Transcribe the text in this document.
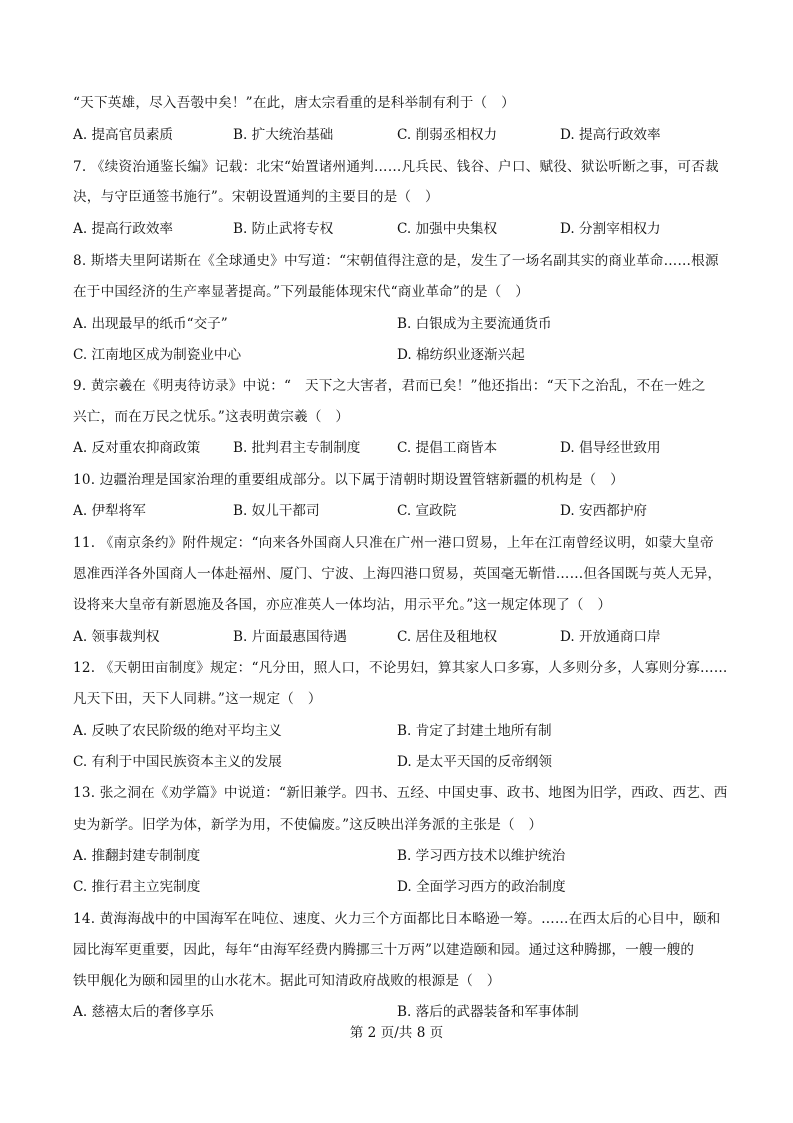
“天下英雄，尽入吾彀中矣！”在此，唐太宗看重的是科举制有利于（　）
A. 提高官员素质	B. 扩大统治基础	C. 削弱丞相权力	D. 提高行政效率
7. 《续资治通鉴长编》记载：北宋“始置诸州通判……凡兵民、钱谷、户口、赋役、狱讼听断之事，可否裁
决，与守臣通签书施行”。宋朝设置通判的主要目的是（　）
A. 提高行政效率	B. 防止武将专权	C. 加强中央集权	D. 分割宰相权力
8. 斯塔夫里阿诺斯在《全球通史》中写道：“宋朝值得注意的是，发生了一场名副其实的商业革命……根源
在于中国经济的生产率显著提高。”下列最能体现宋代“商业革命”的是（　）
A. 出现最早的纸币“交子”	B. 白银成为主要流通货币
C. 江南地区成为制瓷业中心	D. 棉纺织业逐渐兴起
9. 黄宗羲在《明夷待访录》中说：“　天下之大害者，君而已矣！”他还指出：“天下之治乱，不在一姓之
兴亡，而在万民之忧乐。”这表明黄宗羲（　）
A. 反对重农抑商政策 B. 批判君主专制制度	C. 提倡工商皆本	D. 倡导经世致用
10. 边疆治理是国家治理的重要组成部分。以下属于清朝时期设置管辖新疆的机构是（　）
A. 伊犁将军	B. 奴儿干都司	C. 宣政院	D. 安西都护府
11. 《南京条约》附件规定：“向来各外国商人只准在广州一港口贸易，上年在江南曾经议明，如蒙大皇帝
恩准西洋各外国商人一体赴福州、厦门、宁波、上海四港口贸易，英国毫无靳惜……但各国既与英人无异，
设将来大皇帝有新恩施及各国，亦应准英人一体均沾，用示平允。”这一规定体现了（　）
A. 领事裁判权	B. 片面最惠国待遇	C. 居住及租地权	D. 开放通商口岸
12. 《天朝田亩制度》规定：“凡分田，照人口，不论男妇，算其家人口多寡，人多则分多，人寡则分寡……
凡天下田，天下人同耕。”这一规定（　）
A. 反映了农民阶级的绝对平均主义	B. 肯定了封建土地所有制
C. 有利于中国民族资本主义的发展	D. 是太平天国的反帝纲领
13. 张之洞在《劝学篇》中说道：“新旧兼学。四书、五经、中国史事、政书、地图为旧学，西政、西艺、西
史为新学。旧学为体，新学为用，不使偏废。”这反映出洋务派的主张是（　）
A. 推翻封建专制制度	B. 学习西方技术以维护统治
C. 推行君主立宪制度	D. 全面学习西方的政治制度
14. 黄海海战中的中国海军在吨位、速度、火力三个方面都比日本略逊一筹。……在西太后的心目中，颐和
园比海军更重要，因此，每年“由海军经费内腾挪三十万两”以建造颐和园。通过这种腾挪，一艘一艘的
铁甲舰化为颐和园里的山水花木。据此可知清政府战败的根源是（　）
A. 慈禧太后的奢侈享乐	B. 落后的武器装备和军事体制
第 2 页/共 8 页
